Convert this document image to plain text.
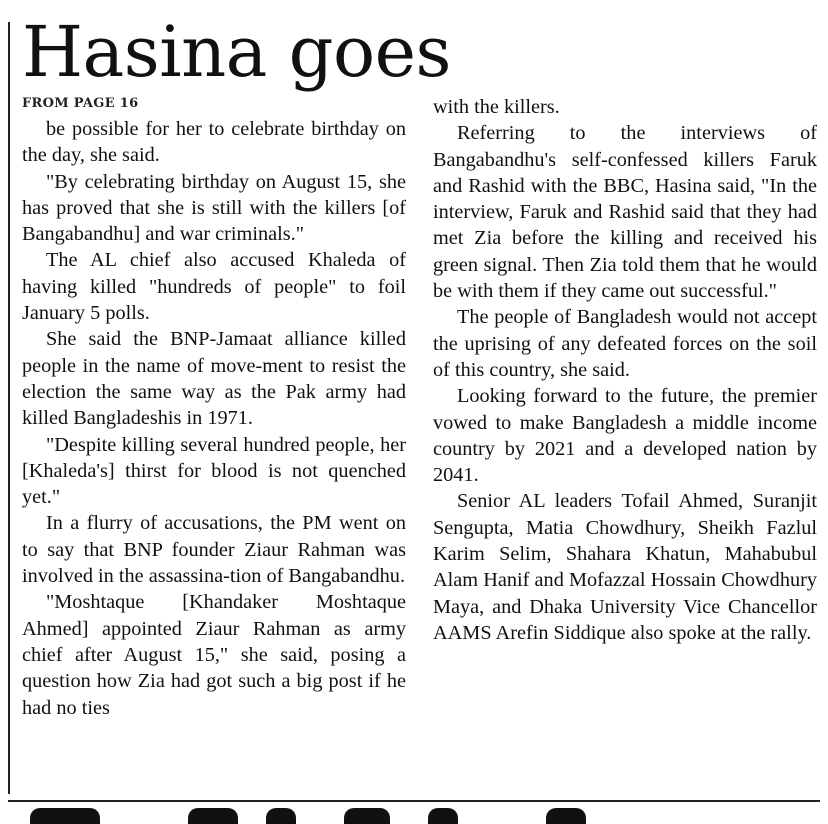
Hasina goes
FROM PAGE 16

be possible for her to celebrate birthday on the day, she said.

"By celebrating birthday on August 15, she has proved that she is still with the killers [of Bangabandhu] and war criminals."

The AL chief also accused Khaleda of having killed "hundreds of people" to foil January 5 polls.

She said the BNP-Jamaat alliance killed people in the name of move-ment to resist the election the same way as the Pak army had killed Bangladeshis in 1971.

"Despite killing several hundred people, her [Khaleda's] thirst for blood is not quenched yet."

In a flurry of accusations, the PM went on to say that BNP founder Ziaur Rahman was involved in the assassina-tion of Bangabandhu.

"Moshtaque [Khandaker Moshtaque Ahmed] appointed Ziaur Rahman as army chief after August 15," she said, posing a question how Zia had got such a big post if he had no ties

with the killers.

Referring to the interviews of Bangabandhu's self-confessed killers Faruk and Rashid with the BBC, Hasina said, "In the interview, Faruk and Rashid said that they had met Zia before the killing and received his green signal. Then Zia told them that he would be with them if they came out successful."

The people of Bangladesh would not accept the uprising of any defeated forces on the soil of this country, she said.

Looking forward to the future, the premier vowed to make Bangladesh a middle income country by 2021 and a developed nation by 2041.

Senior AL leaders Tofail Ahmed, Suranjit Sengupta, Matia Chowdhury, Sheikh Fazlul Karim Selim, Shahara Khatun, Mahabubul Alam Hanif and Mofazzal Hossain Chowdhury Maya, and Dhaka University Vice Chancellor AAMS Arefin Siddique also spoke at the rally.
